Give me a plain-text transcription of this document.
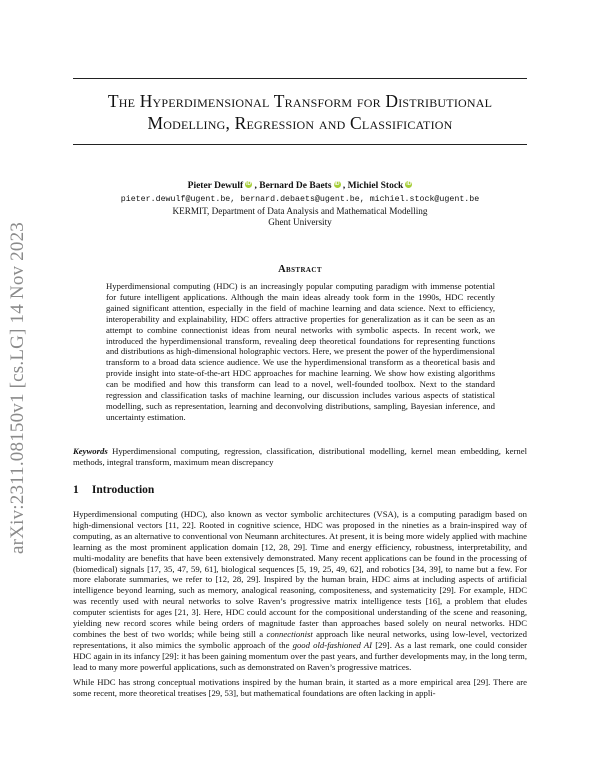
arXiv:2311.08150v1 [cs.LG] 14 Nov 2023
The Hyperdimensional Transform for Distributional
Modelling, Regression and Classification
Pieter Dewulf iD , Bernard De Baets iD , Michiel Stock iD
pieter.dewulf@ugent.be, bernard.debaets@ugent.be, michiel.stock@ugent.be
KERMIT, Department of Data Analysis and Mathematical Modelling
Ghent University
Abstract
Hyperdimensional computing (HDC) is an increasingly popular computing paradigm with immense potential for future intelligent applications. Although the main ideas already took form in the 1990s, HDC recently gained significant attention, especially in the field of machine learning and data science. Next to efficiency, interoperability and explainability, HDC offers attractive properties for generalization as it can be seen as an attempt to combine connectionist ideas from neural networks with symbolic aspects. In recent work, we introduced the hyperdimensional transform, revealing deep theoretical foundations for representing functions and distributions as high-dimensional holographic vectors. Here, we present the power of the hyperdimensional transform to a broad data science audience. We use the hyperdimensional transform as a theoretical basis and provide insight into state-of-the-art HDC approaches for machine learning. We show how existing algorithms can be modified and how this transform can lead to a novel, well-founded toolbox. Next to the standard regression and classification tasks of machine learning, our discussion includes various aspects of statistical modelling, such as representation, learning and deconvolving distributions, sampling, Bayesian inference, and uncertainty estimation.
Keywords Hyperdimensional computing, regression, classification, distributional modelling, kernel mean embedding, kernel methods, integral transform, maximum mean discrepancy
1 Introduction

Hyperdimensional computing (HDC), also known as vector symbolic architectures (VSA), is a computing paradigm based on high-dimensional vectors [11, 22]. Rooted in cognitive science, HDC was proposed in the nineties as a brain-inspired way of computing, as an alternative to conventional von Neumann architectures. At present, it is being more widely applied with machine learning as the most prominent application domain [12, 28, 29]. Time and energy efficiency, robustness, interpretability, and multi-modality are benefits that have been extensively demonstrated. Many recent applications can be found in the processing of (biomedical) signals [17, 35, 47, 59, 61], biological sequences [5, 19, 25, 49, 62], and robotics [34, 39], to name but a few. For more elaborate summaries, we refer to [12, 28, 29]. Inspired by the human brain, HDC aims at including aspects of artificial intelligence beyond learning, such as memory, analogical reasoning, compositeness, and systematicity [29]. For example, HDC was recently used with neural networks to solve Raven’s progressive matrix intelligence tests [16], a problem that eludes computer scientists for ages [21, 3]. Here, HDC could account for the compositional understanding of the scene and reasoning, yielding new record scores while being orders of magnitude faster than approaches based solely on neural networks. HDC combines the best of two worlds; while being still a connectionist approach like neural networks, using low-level, vectorized representations, it also mimics the symbolic approach of the good old-fashioned AI [29]. As a last remark, one could consider HDC again in its infancy [29]: it has been gaining momentum over the past years, and further developments may, in the long term, lead to many more powerful applications, such as demonstrated on Raven’s progressive matrices.

While HDC has strong conceptual motivations inspired by the human brain, it started as a more empirical area [29]. There are some recent, more theoretical treatises [29, 53], but mathematical foundations are often lacking in appli-
